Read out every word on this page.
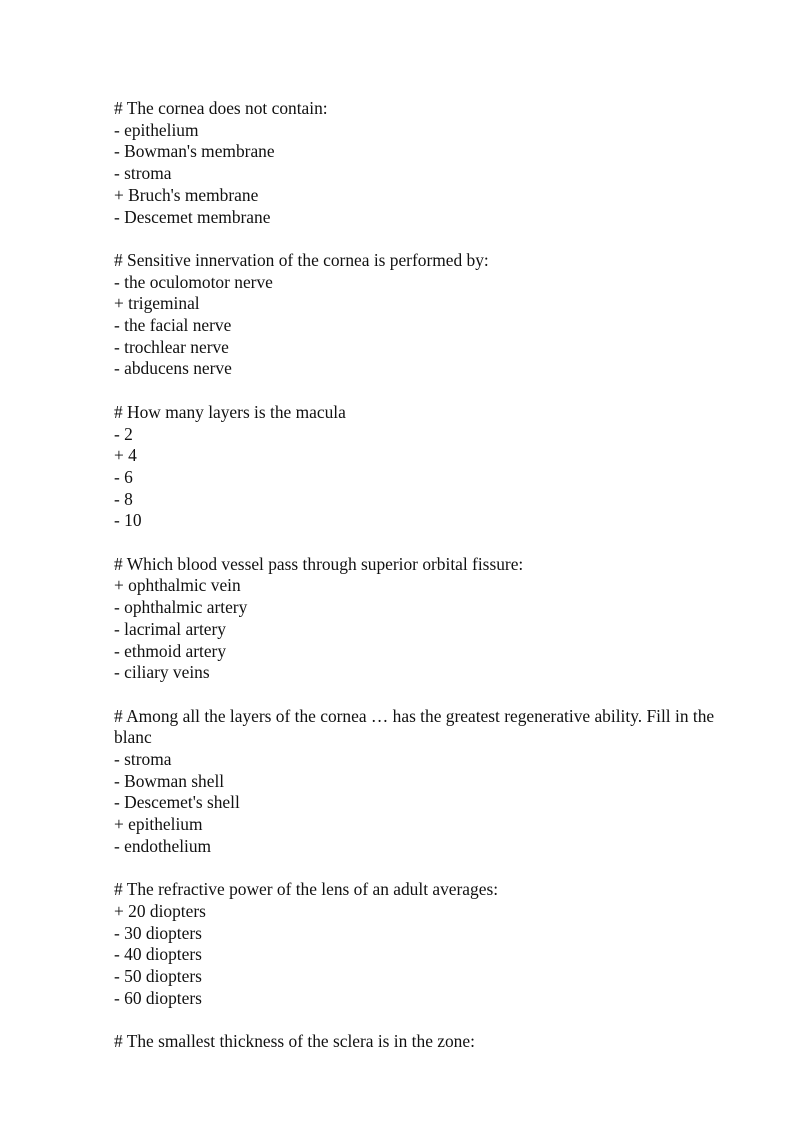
# The cornea does not contain:
- epithelium
- Bowman's membrane
- stroma
+ Bruch's membrane
- Descemet membrane
# Sensitive innervation of the cornea is performed by:
- the oculomotor nerve
+ trigeminal
- the facial nerve
- trochlear nerve
- abducens nerve
# How many layers is the macula
- 2
+ 4
- 6
- 8
- 10
# Which blood vessel pass through superior orbital fissure:
+ ophthalmic vein
- ophthalmic artery
- lacrimal artery
- ethmoid artery
- ciliary veins
# Among all the layers of the cornea … has the greatest regenerative ability. Fill in the blanc
- stroma
- Bowman shell
- Descemet's shell
+ epithelium
- endothelium
# The refractive power of the lens of an adult averages:
+ 20 diopters
- 30 diopters
- 40 diopters
- 50 diopters
- 60 diopters
# The smallest thickness of the sclera is in the zone:
